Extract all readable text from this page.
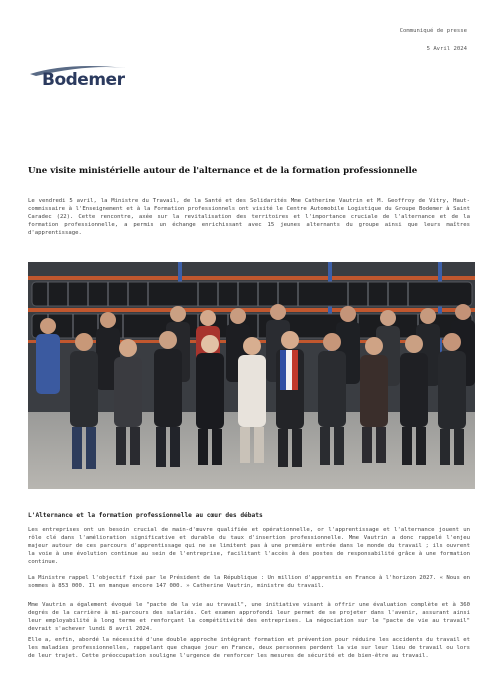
Communiqué de presse
5 Avril 2024
Bodemer
Une visite ministérielle autour de l'alternance et de la formation professionnelle

Le vendredi 5 avril, la Ministre du Travail, de la Santé et des Solidarités Mme Catherine Vautrin et M. Geoffroy de Vitry, Haut-commissaire à l'Enseignement et à la Formation professionnels ont visité le Centre Automobile Logistique du Groupe Bodemer à Saint Caradec (22). Cette rencontre, axée sur la revitalisation des territoires et l'importance cruciale de l'alternance et de la formation professionnelle, a permis un échange enrichissant avec 15 jeunes alternants du groupe ainsi que leurs maîtres d'apprentissage.

L'Alternance et la formation professionnelle au cœur des débats

Les entreprises ont un besoin crucial de main-d'œuvre qualifiée et opérationnelle, or l'apprentissage et l'alternance jouent un rôle clé dans l'amélioration significative et durable du taux d'insertion professionnelle. Mme Vautrin a donc rappelé l'enjeu majeur autour de ces parcours d'apprentissage qui ne se limitent pas à une première entrée dans le monde du travail ; ils ouvrent la voie à une évolution continue au sein de l'entreprise, facilitant l'accès à des postes de responsabilité grâce à une formation continue.

La Ministre rappel l'objectif fixé par le Président de la République : Un million d'apprentis en France à l'horizon 2027. « Nous en sommes à 853 000. Il en manque encore 147 000. » Catherine Vautrin, ministre du travail.

Mme Vautrin a également évoqué le "pacte de la vie au travail", une initiative visant à offrir une évaluation complète et à 360 degrés de la carrière à mi-parcours des salariés. Cet examen approfondi leur permet de se projeter dans l'avenir, assurant ainsi leur employabilité à long terme et renforçant la compétitivité des entreprises. La négociation sur le "pacte de vie au travail" devrait s'achever lundi 8 avril 2024.

Elle a, enfin, abordé la nécessité d'une double approche intégrant formation et prévention pour réduire les accidents du travail et les maladies professionnelles, rappelant que chaque jour en France, deux personnes perdent la vie sur leur lieu de travail ou lors de leur trajet. Cette préoccupation souligne l'urgence de renforcer les mesures de sécurité et de bien-être au travail.
